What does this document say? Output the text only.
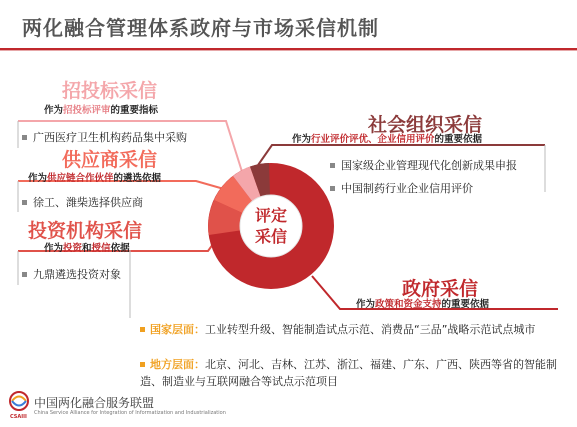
两化融合管理体系政府与市场采信机制
评定
采信
招投标采信
作为招投标评审的重要指标
广西医疗卫生机构药品集中采购
供应商采信
作为供应链合作伙伴的遴选依据
徐工、潍柴选择供应商
投资机构采信
作为投资和授信依据
九鼎遴选投资对象
社会组织采信
作为行业评价评优、企业信用评价的重要依据
国家级企业管理现代化创新成果申报
中国制药行业企业信用评价
政府采信
作为政策和资金支持的重要依据
国家层面：工业转型升级、智能制造试点示范、消费品“三品”战略示范试点城市
地方层面：北京、河北、吉林、江苏、浙江、福建、广东、广西、陕西等省的智能制造、制造业与互联网融合等试点示范项目
CSAIII
中国两化融合服务联盟
China Service Alliance for Integration of Informatization and Industrialization
